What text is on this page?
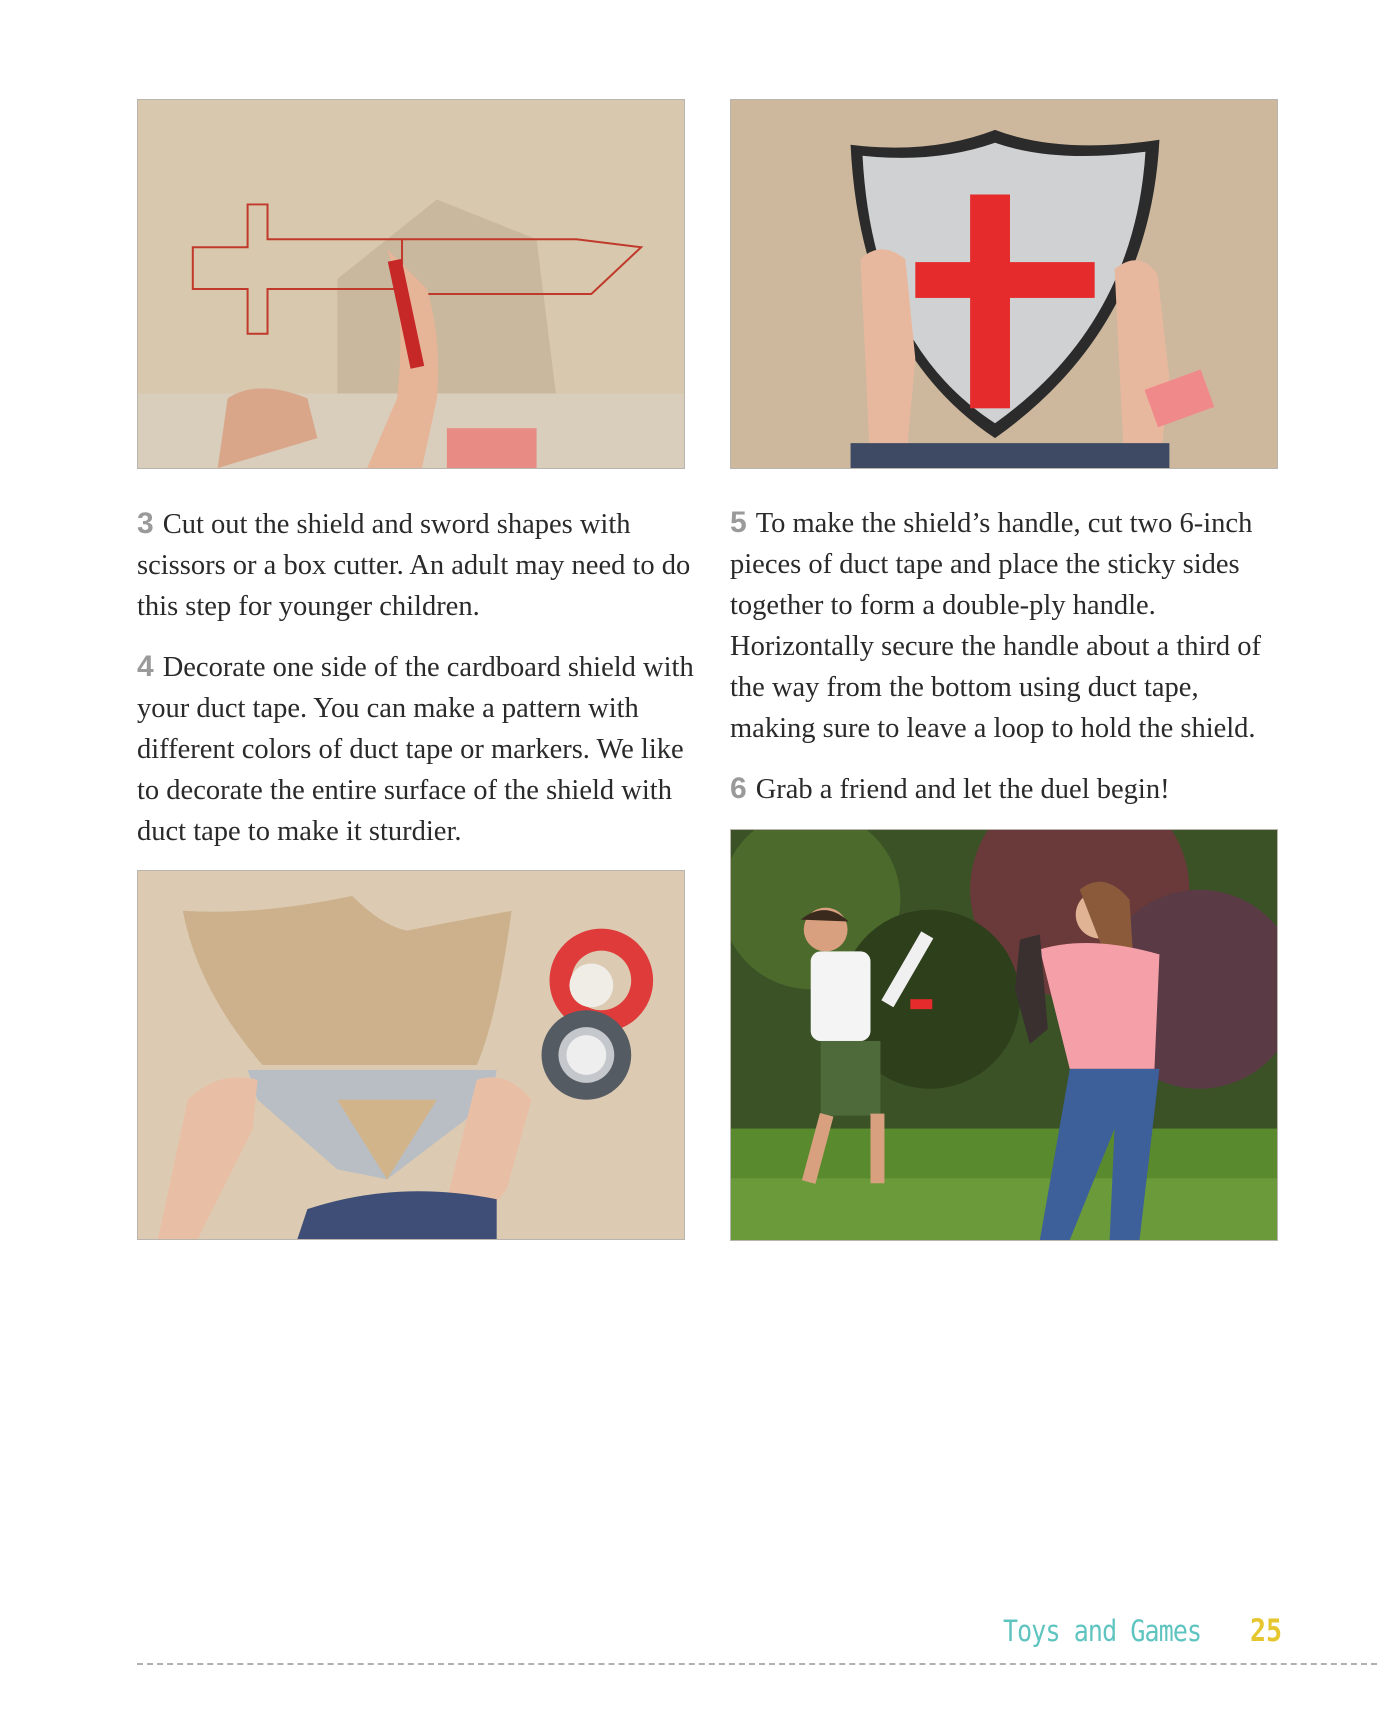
3 Cut out the shield and sword shapes with scissors or a box cutter. An adult may need to do this step for younger children.

4 Decorate one side of the cardboard shield with your duct tape. You can make a pattern with different colors of duct tape or markers. We like to decorate the entire surface of the shield with duct tape to make it sturdier.

5 To make the shield’s handle, cut two 6-inch pieces of duct tape and place the sticky sides together to form a double-ply handle. Horizontally secure the handle about a third of the way from the bottom using duct tape, making sure to leave a loop to hold the shield.

6 Grab a friend and let the duel begin!

Toys and Games 25
